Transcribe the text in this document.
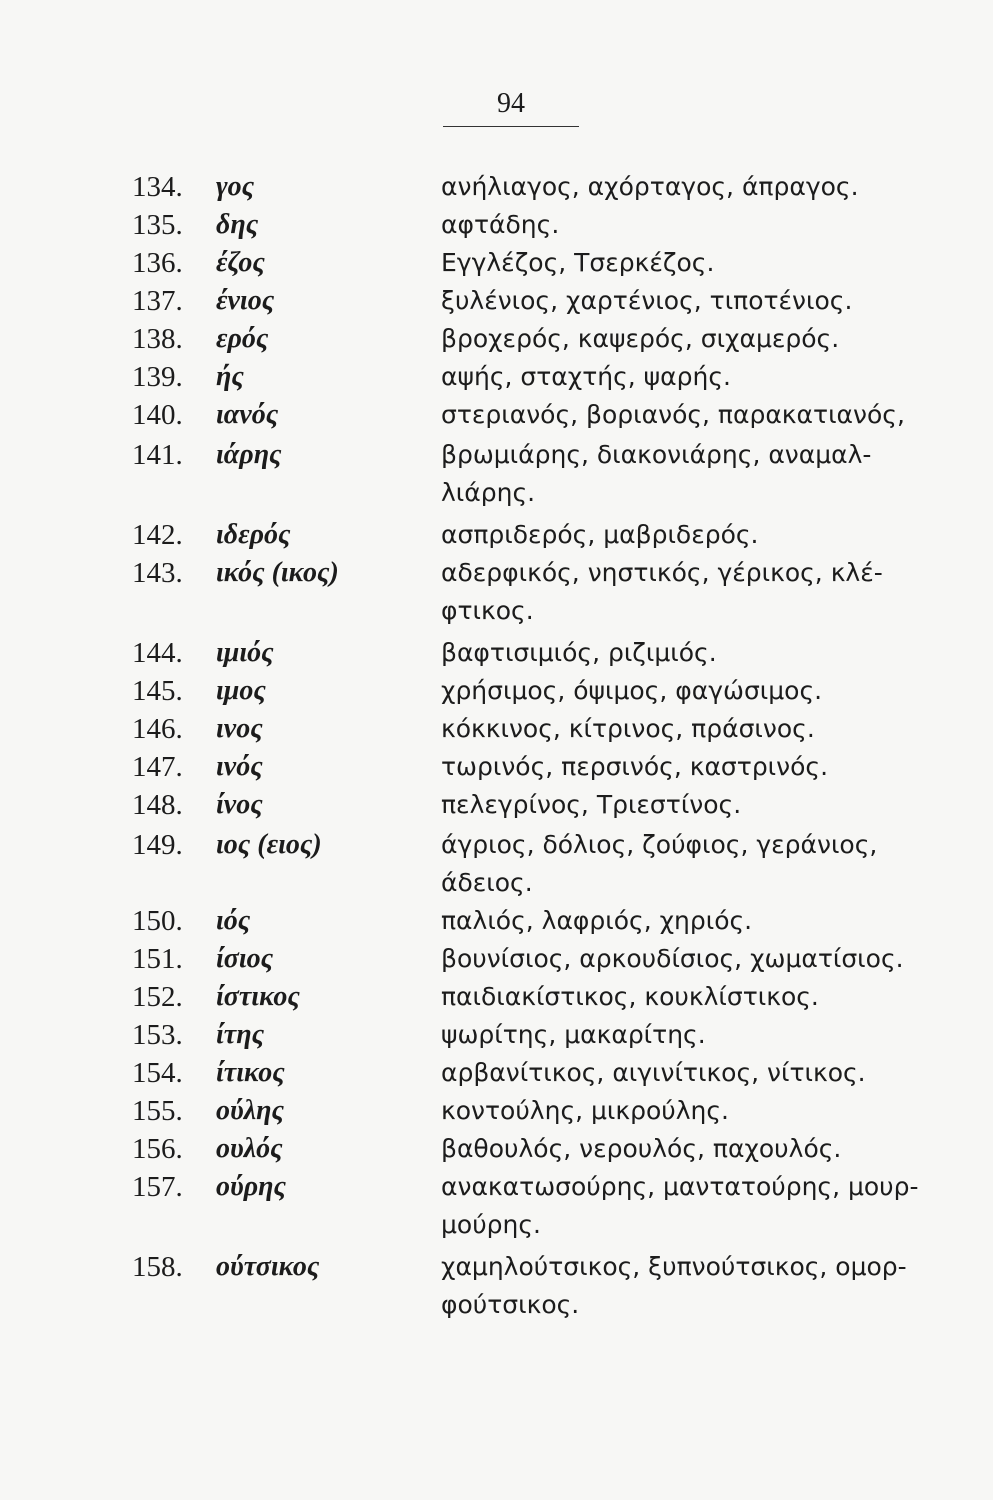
94
134. γος	ανήλιαγος, αχόρταγος, άπραγος.
135. δης	αφτάδης.
136. έζος	Εγγλέζος, Τσερκέζος.
137. ένιος	ξυλένιος, χαρτένιος, τιποτένιος.
138. ερός	βροχερός, καψερός, σιχαμερός.
139. ής	αψής, σταχτής, ψαρής.
140. ιανός	στεριανός, βοριανός, παρακατιανός,
141. ιάρης	βρωμιάρης, διακονιάρης, αναμαλ-
λιάρης.
142. ιδερός	ασπριδερός, μαβριδερός.
143. ικός (ικος)	αδερφικός, νηστικός, γέρικος, κλέ-
φτικος.
144. ιμιός	βαφτισιμιός, ριζιμιός.
145. ιμος	χρήσιμος, όψιμος, φαγώσιμος.
146. ινος	κόκκινος, κίτρινος, πράσινος.
147. ινός	τωρινός, περσινός, καστρινός.
148. ίνος	πελεγρίνος, Τριεστίνος.
149. ιος (ειος)	άγριος, δόλιος, ζούφιος, γεράνιος,
άδειος.
150. ιός	παλιός, λαφριός, χηριός.
151. ίσιος	βουνίσιος, αρκουδίσιος, χωματίσιος.
152. ίστικος	παιδιακίστικος, κουκλίστικος.
153. ίτης	ψωρίτης, μακαρίτης.
154. ίτικος	αρβανίτικος, αιγινίτικος, νίτικος.
155. ούλης	κοντούλης, μικρούλης.
156. ουλός	βαθουλός, νερουλός, παχουλός.
157. ούρης	ανακατωσούρης, μαντατούρης, μουρ-
μούρης.
158. ούτσικος	χαμηλούτσικος, ξυπνούτσικος, ομορ-
φούτσικος.
